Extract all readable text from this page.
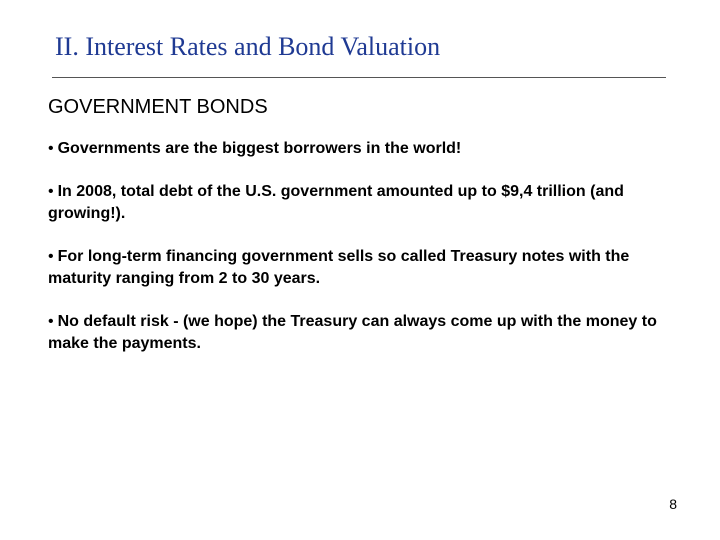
II. Interest Rates and Bond Valuation
GOVERNMENT BONDS
• Governments are the biggest borrowers in the world!
• In 2008, total debt of the U.S. government amounted up to $9,4 trillion (and growing!).
• For long-term financing government sells so called Treasury notes with the maturity ranging from 2 to 30 years.
• No default risk - (we hope) the Treasury can always come up with the money to make the payments.
8
